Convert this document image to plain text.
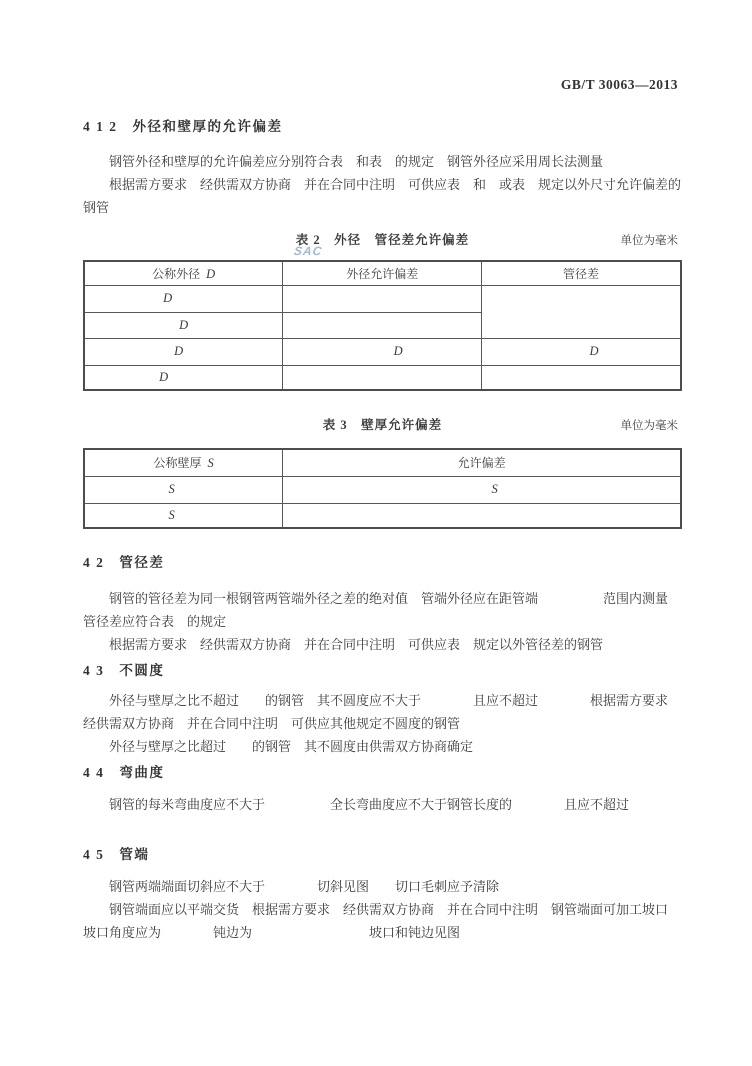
SAC
GB/T 30063—2013
4 1 2　外径和壁厚的允许偏差

钢管外径和壁厚的允许偏差应分别符合表　和表　的规定　钢管外径应采用周长法测量

根据需方要求　经供需双方协商　并在合同中注明　可供应表　和　或表　规定以外尺寸允许偏差的

钢管

表 2　外径　管径差允许偏差	单位为毫米
公称外径 D	外径允许偏差	管径差
D		
D		
D	D	D
D		
表 3　壁厚允许偏差	单位为毫米
公称壁厚 S	允许偏差
S	S
S	
4 2　管径差

钢管的管径差为同一根钢管两管端外径之差的绝对值　管端外径应在距管端　　　　　范围内测量

管径差应符合表　的规定

根据需方要求　经供需双方协商　并在合同中注明　可供应表　规定以外管径差的钢管

4 3　不圆度

外径与壁厚之比不超过　　的钢管　其不圆度应不大于　　　　且应不超过　　　　根据需方要求

经供需双方协商　并在合同中注明　可供应其他规定不圆度的钢管

外径与壁厚之比超过　　的钢管　其不圆度由供需双方协商确定

4 4　弯曲度

钢管的每米弯曲度应不大于　　　　　全长弯曲度应不大于钢管长度的　　　　且应不超过

4 5　管端

钢管两端端面切斜应不大于　　　　切斜见图　　切口毛刺应予清除

钢管端面应以平端交货　根据需方要求　经供需双方协商　并在合同中注明　钢管端面可加工坡口

坡口角度应为　　　　钝边为　　　　　　　　　坡口和钝边见图
